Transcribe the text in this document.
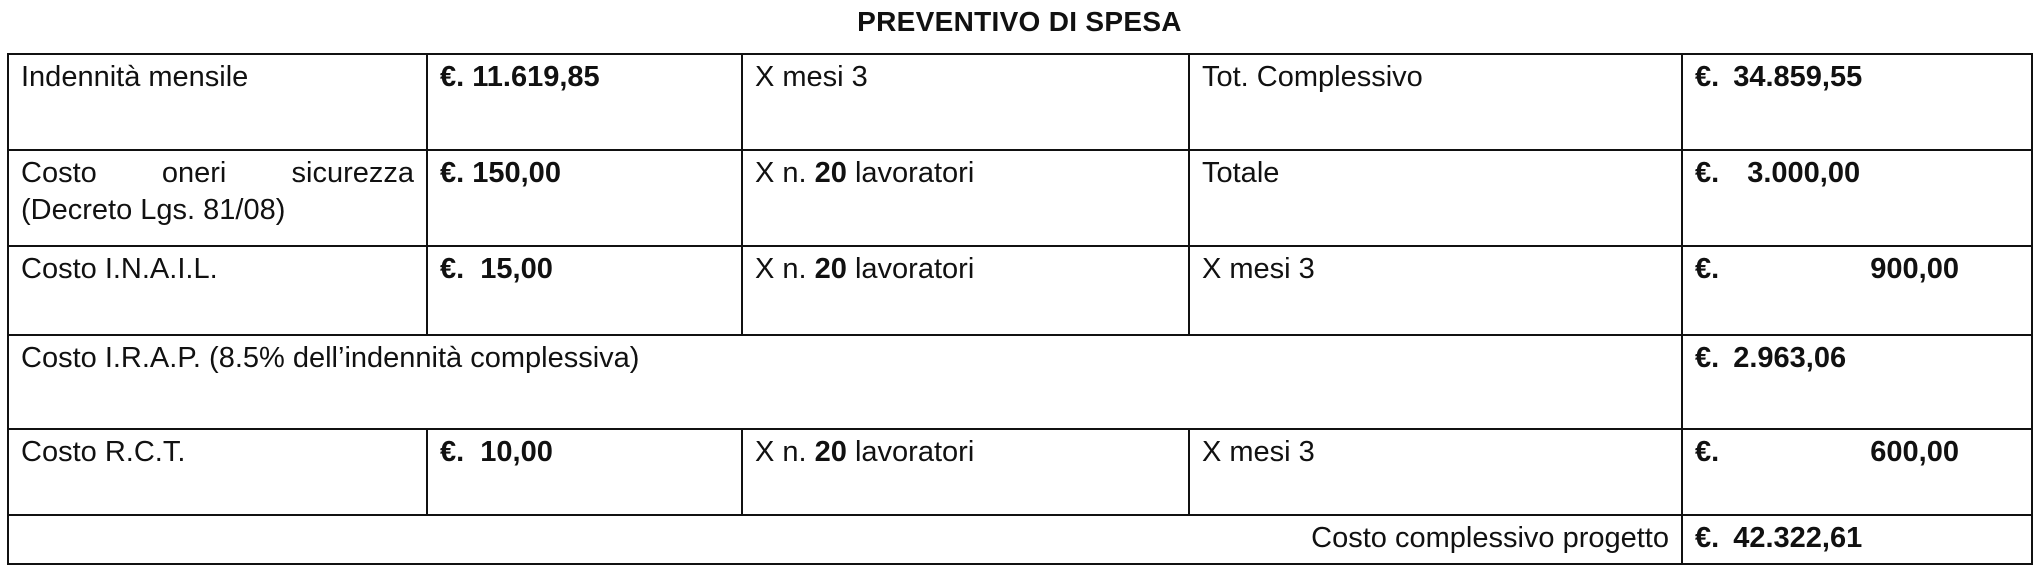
PREVENTIVO DI SPESA
Indennità mensile	€. 11.619,85	X mesi 3	Tot. Complessivo	€. 34.859,55

Costo oneri sicurezza (Decreto Lgs. 81/08)	€. 150,00	X n. 20 lavoratori	Totale	€. 3.000,00

Costo I.N.A.I.L.	€.  15,00	X n. 20 lavoratori	X mesi 3	€. 900,00

Costo I.R.A.P. (8.5% dell’indennità complessiva)				€. 2.963,06

Costo R.C.T.	€.  10,00	X n. 20 lavoratori	X mesi 3	€. 600,00

Costo complessivo progetto				€. 42.322,61
